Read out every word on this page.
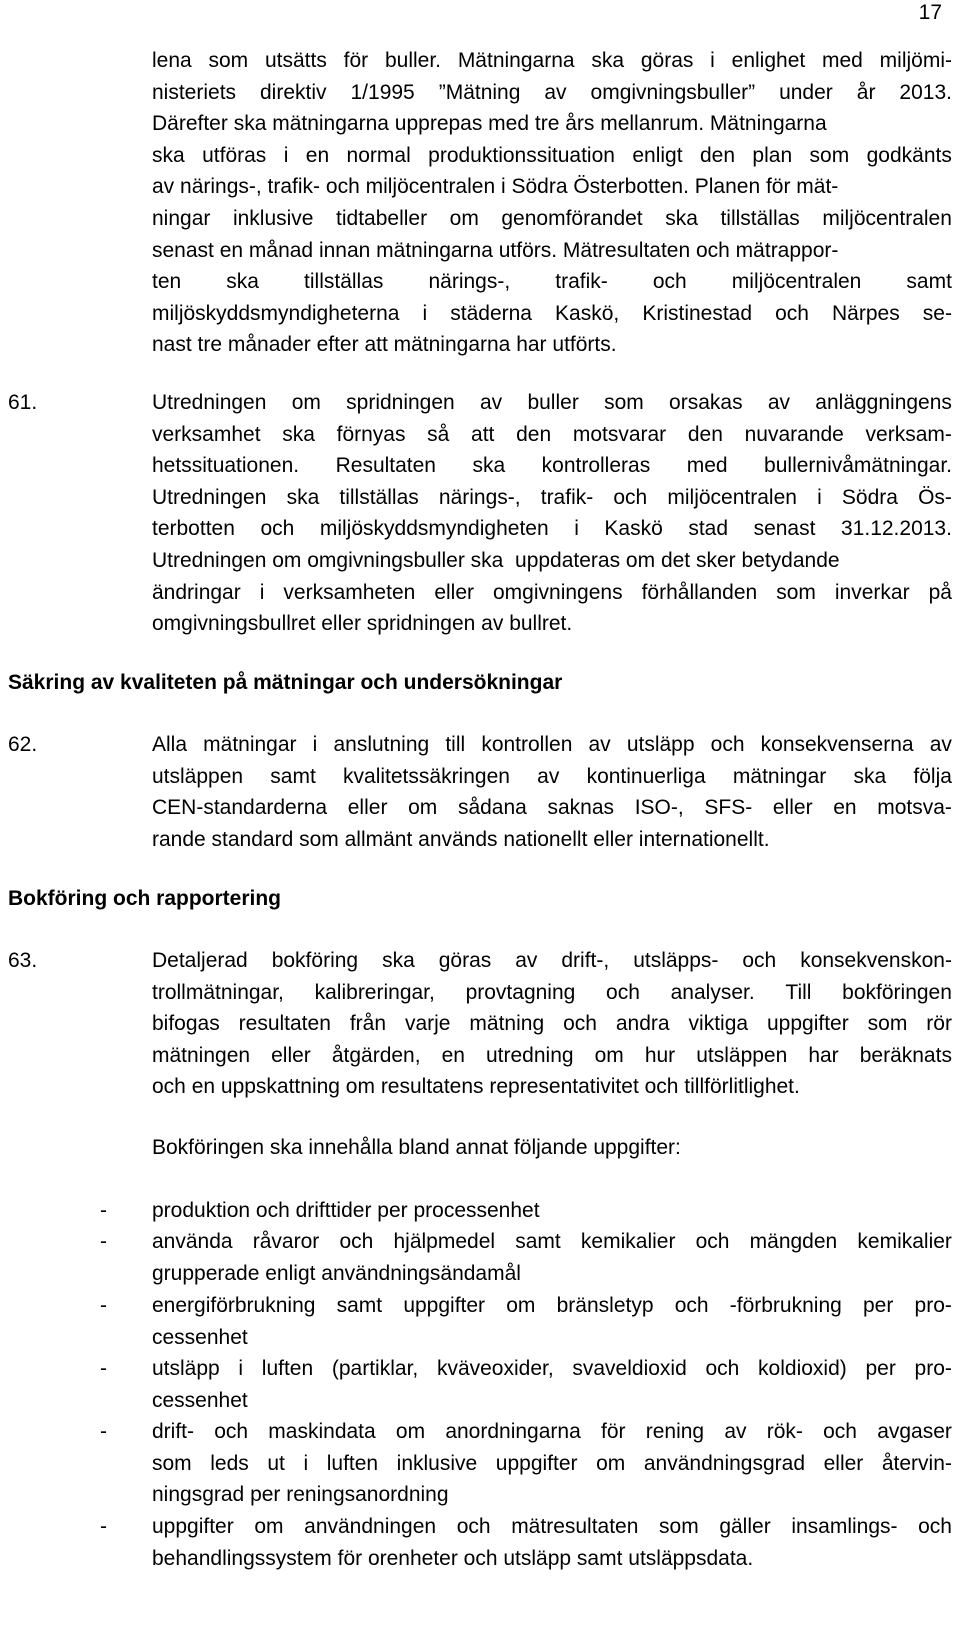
17
lena som utsätts för buller. Mätningarna ska göras i enlighet med miljömi-
nisteriets direktiv 1/1995 ”Mätning av omgivningsbuller” under år 2013.
Därefter ska mätningarna upprepas med tre års mellanrum. Mätningarna
ska utföras i en normal produktionssituation enligt den plan som godkänts
av närings-, trafik- och miljöcentralen i Södra Österbotten. Planen för mät-
ningar inklusive tidtabeller om genomförandet ska tillställas miljöcentralen
senast en månad innan mätningarna utförs. Mätresultaten och mätrappor-
ten ska tillställas närings-, trafik- och miljöcentralen samt
miljöskyddsmyndigheterna i städerna Kaskö, Kristinestad och Närpes se-
nast tre månader efter att mätningarna har utförts.
61.	Utredningen om spridningen av buller som orsakas av anläggningens
verksamhet ska förnyas så att den motsvarar den nuvarande verksam-
hetssituationen. Resultaten ska kontrolleras med bullernivåmätningar.
Utredningen ska tillställas närings-, trafik- och miljöcentralen i Södra Ös-
terbotten och miljöskyddsmyndigheten i Kaskö stad senast 31.12.2013.
Utredningen om omgivningsbuller ska  uppdateras om det sker betydande
ändringar i verksamheten eller omgivningens förhållanden som inverkar på
omgivningsbullret eller spridningen av bullret.
Säkring av kvaliteten på mätningar och undersökningar
62.	Alla mätningar i anslutning till kontrollen av utsläpp och konsekvenserna av
utsläppen samt kvalitetssäkringen av kontinuerliga mätningar ska följa
CEN-standarderna eller om sådana saknas ISO-, SFS- eller en motsva-
rande standard som allmänt används nationellt eller internationellt.
Bokföring och rapportering
63.	Detaljerad bokföring ska göras av drift-, utsläpps- och konsekvenskon-
trollmätningar, kalibreringar, provtagning och analyser. Till bokföringen
bifogas resultaten från varje mätning och andra viktiga uppgifter som rör
mätningen eller åtgärden, en utredning om hur utsläppen har beräknats
och en uppskattning om resultatens representativitet och tillförlitlighet.
Bokföringen ska innehålla bland annat följande uppgifter:
- produktion och drifttider per processenhet
- använda råvaror och hjälpmedel samt kemikalier och mängden kemikalier
grupperade enligt användningsändamål
- energiförbrukning samt uppgifter om bränsletyp och -förbrukning per pro-
cessenhet
- utsläpp i luften (partiklar, kväveoxider, svaveldioxid och koldioxid) per pro-
cessenhet
- drift- och maskindata om anordningarna för rening av rök- och avgaser
som leds ut i luften inklusive uppgifter om användningsgrad eller återvin-
ningsgrad per reningsanordning
- uppgifter om användningen och mätresultaten som gäller insamlings- och
behandlingssystem för orenheter och utsläpp samt utsläppsdata.
